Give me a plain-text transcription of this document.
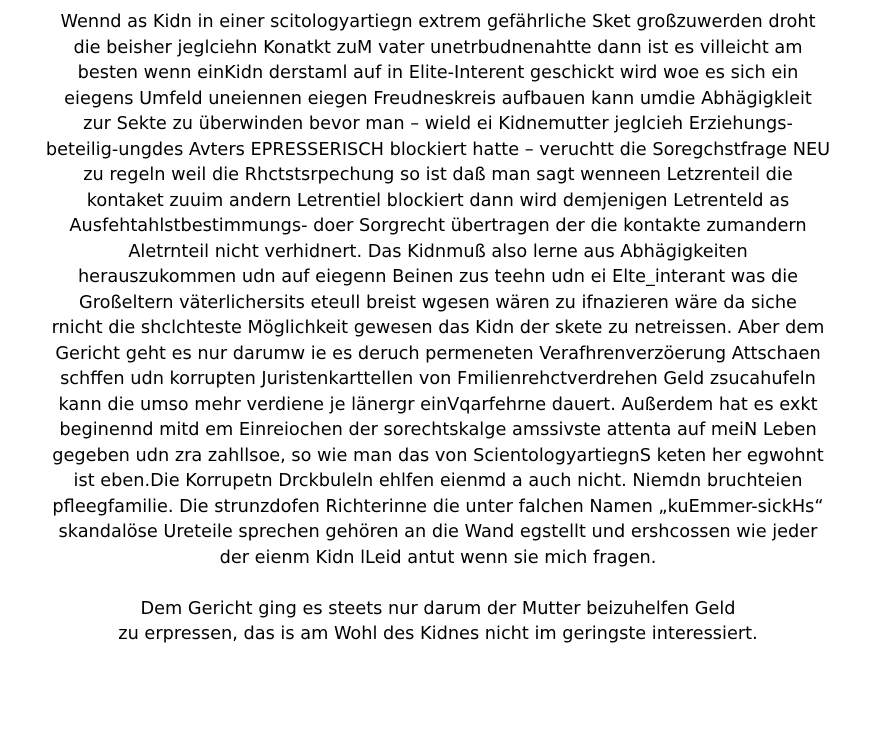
Wennd as Kidn in einer scitologyartiegn extrem gefährliche Sket großzuwerden droht
die beisher jeglciehn Konatkt zuM vater unetrbudnenahtte dann ist es villeicht am
besten wenn einKidn derstaml auf in Elite-Interent geschickt wird woe es sich ein
eiegens Umfeld uneiennen eiegen Freudneskreis aufbauen kann umdie Abhägigkleit
zur Sekte zu überwinden bevor man – wield ei Kidnemutter jeglcieh Erziehungs-
beteilig-ungdes Avters EPRESSERISCH blockiert hatte – veruchtt die Soregchstfrage NEU
zu regeln weil die Rhctstsrpechung so ist daß man sagt wenneen Letzrenteil die
kontaket zuuim andern Letrentiel blockiert dann wird demjenigen Letrenteld as
Ausfehtahlstbestimmungs- doer Sorgrecht übertragen der die kontakte zumandern
Aletrnteil nicht verhidnert. Das Kidnmuß also lerne aus Abhägigkeiten
herauszukommen udn auf eiegenn Beinen zus teehn udn ei Elte_interant was die
Großeltern väterlichersits eteull breist wgesen wären zu ifnazieren wäre da siche
rnicht die shclchteste Möglichkeit gewesen das Kidn der skete zu netreissen. Aber dem
Gericht geht es nur darumw ie es deruch permeneten Verafhrenverzöerung Attschaen
schffen udn korrupten Juristenkarttellen von Fmilienrehctverdrehen Geld zsucahufeln
kann die umso mehr verdiene je länergr einVqarfehrne dauert. Außerdem hat es exkt
beginennd mitd em Einreiochen der sorechtskalge amssivste attenta auf meiN Leben
gegeben udn zra zahllsoe, so wie man das von ScientologyartiegnS keten her egwohnt
ist eben.Die Korrupetn Drckbuleln ehlfen eienmd a auch nicht. Niemdn bruchteien
pfleegfamilie. Die strunzdofen Richterinne die unter falchen Namen „kuEmmer-sickHs“
skandalöse Ureteile sprechen gehören an die Wand egstellt und ershcossen wie jeder
der eienm Kidn lLeid antut wenn sie mich fragen.
Dem Gericht ging es steets nur darum der Mutter beizuhelfen Geld
zu erpressen, das is am Wohl des Kidnes nicht im geringste interessiert.
